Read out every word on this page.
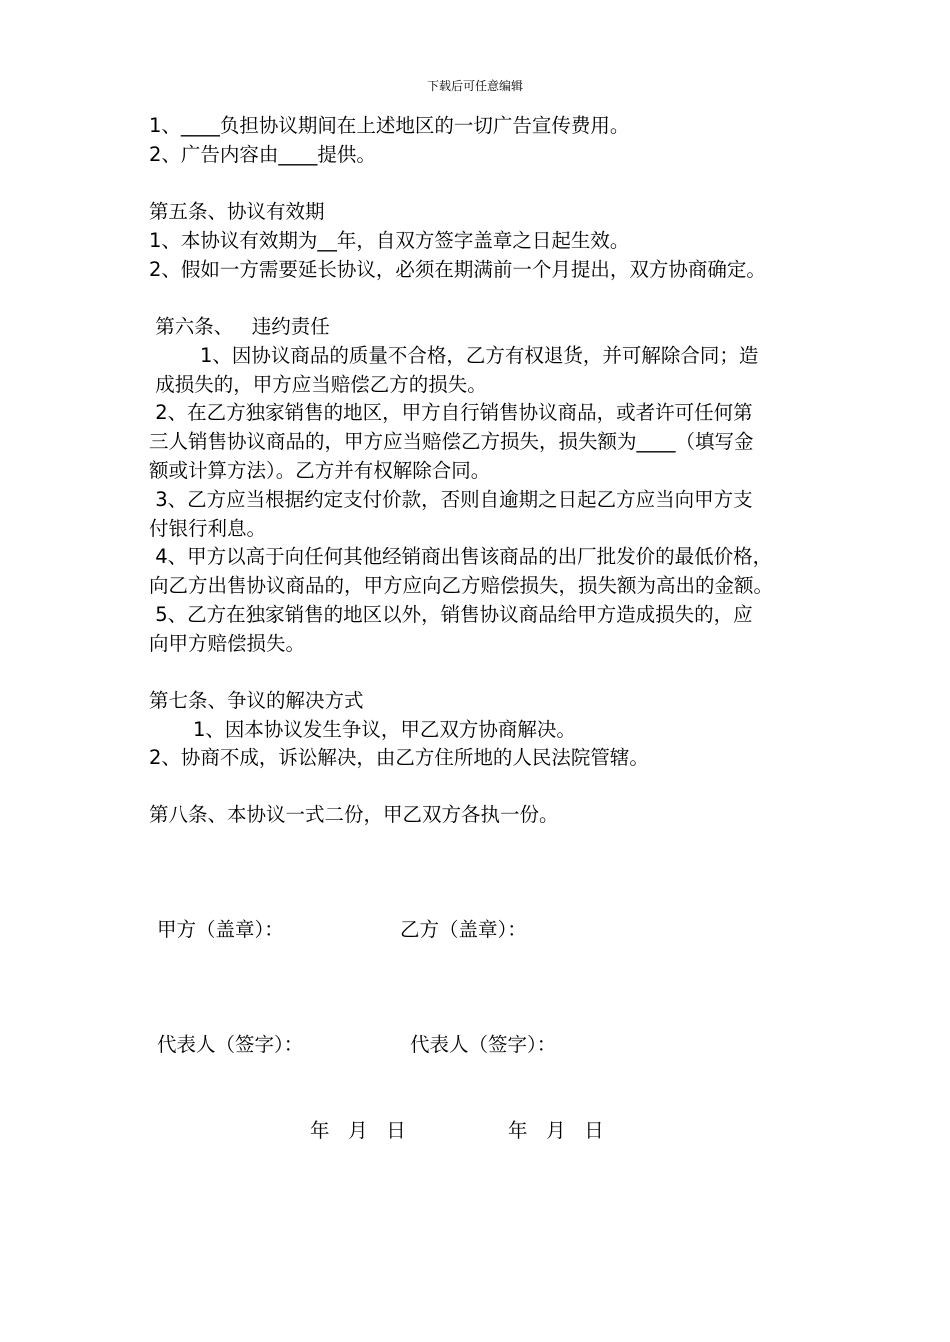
下载后可任意编辑
1、____负担协议期间在上述地区的一切广告宣传费用。
2、广告内容由____提供。
第五条、协议有效期
1、本协议有效期为__年，自双方签字盖章之日起生效。
2、假如一方需要延长协议，必须在期满前一个月提出，双方协商确定。
第六条、   违约责任
1、因协议商品的质量不合格，乙方有权退货，并可解除合同；造
成损失的，甲方应当赔偿乙方的损失。
2、在乙方独家销售的地区，甲方自行销售协议商品，或者许可任何第
三人销售协议商品的，甲方应当赔偿乙方损失，损失额为____（填写金
额或计算方法）。乙方并有权解除合同。
3、乙方应当根据约定支付价款，否则自逾期之日起乙方应当向甲方支
付银行利息。
4、甲方以高于向任何其他经销商出售该商品的出厂批发价的最低价格，
向乙方出售协议商品的，甲方应向乙方赔偿损失，损失额为高出的金额。
5、乙方在独家销售的地区以外，销售协议商品给甲方造成损失的，应
向甲方赔偿损失。
第七条、争议的解决方式
1、因本协议发生争议，甲乙双方协商解决。
2、协商不成，诉讼解决，由乙方住所地的人民法院管辖。
第八条、本协议一式二份，甲乙双方各执一份。
甲方（盖章）：	乙方（盖章）：
代表人（签字）：	代表人（签字）：
年   月   日	年   月   日
